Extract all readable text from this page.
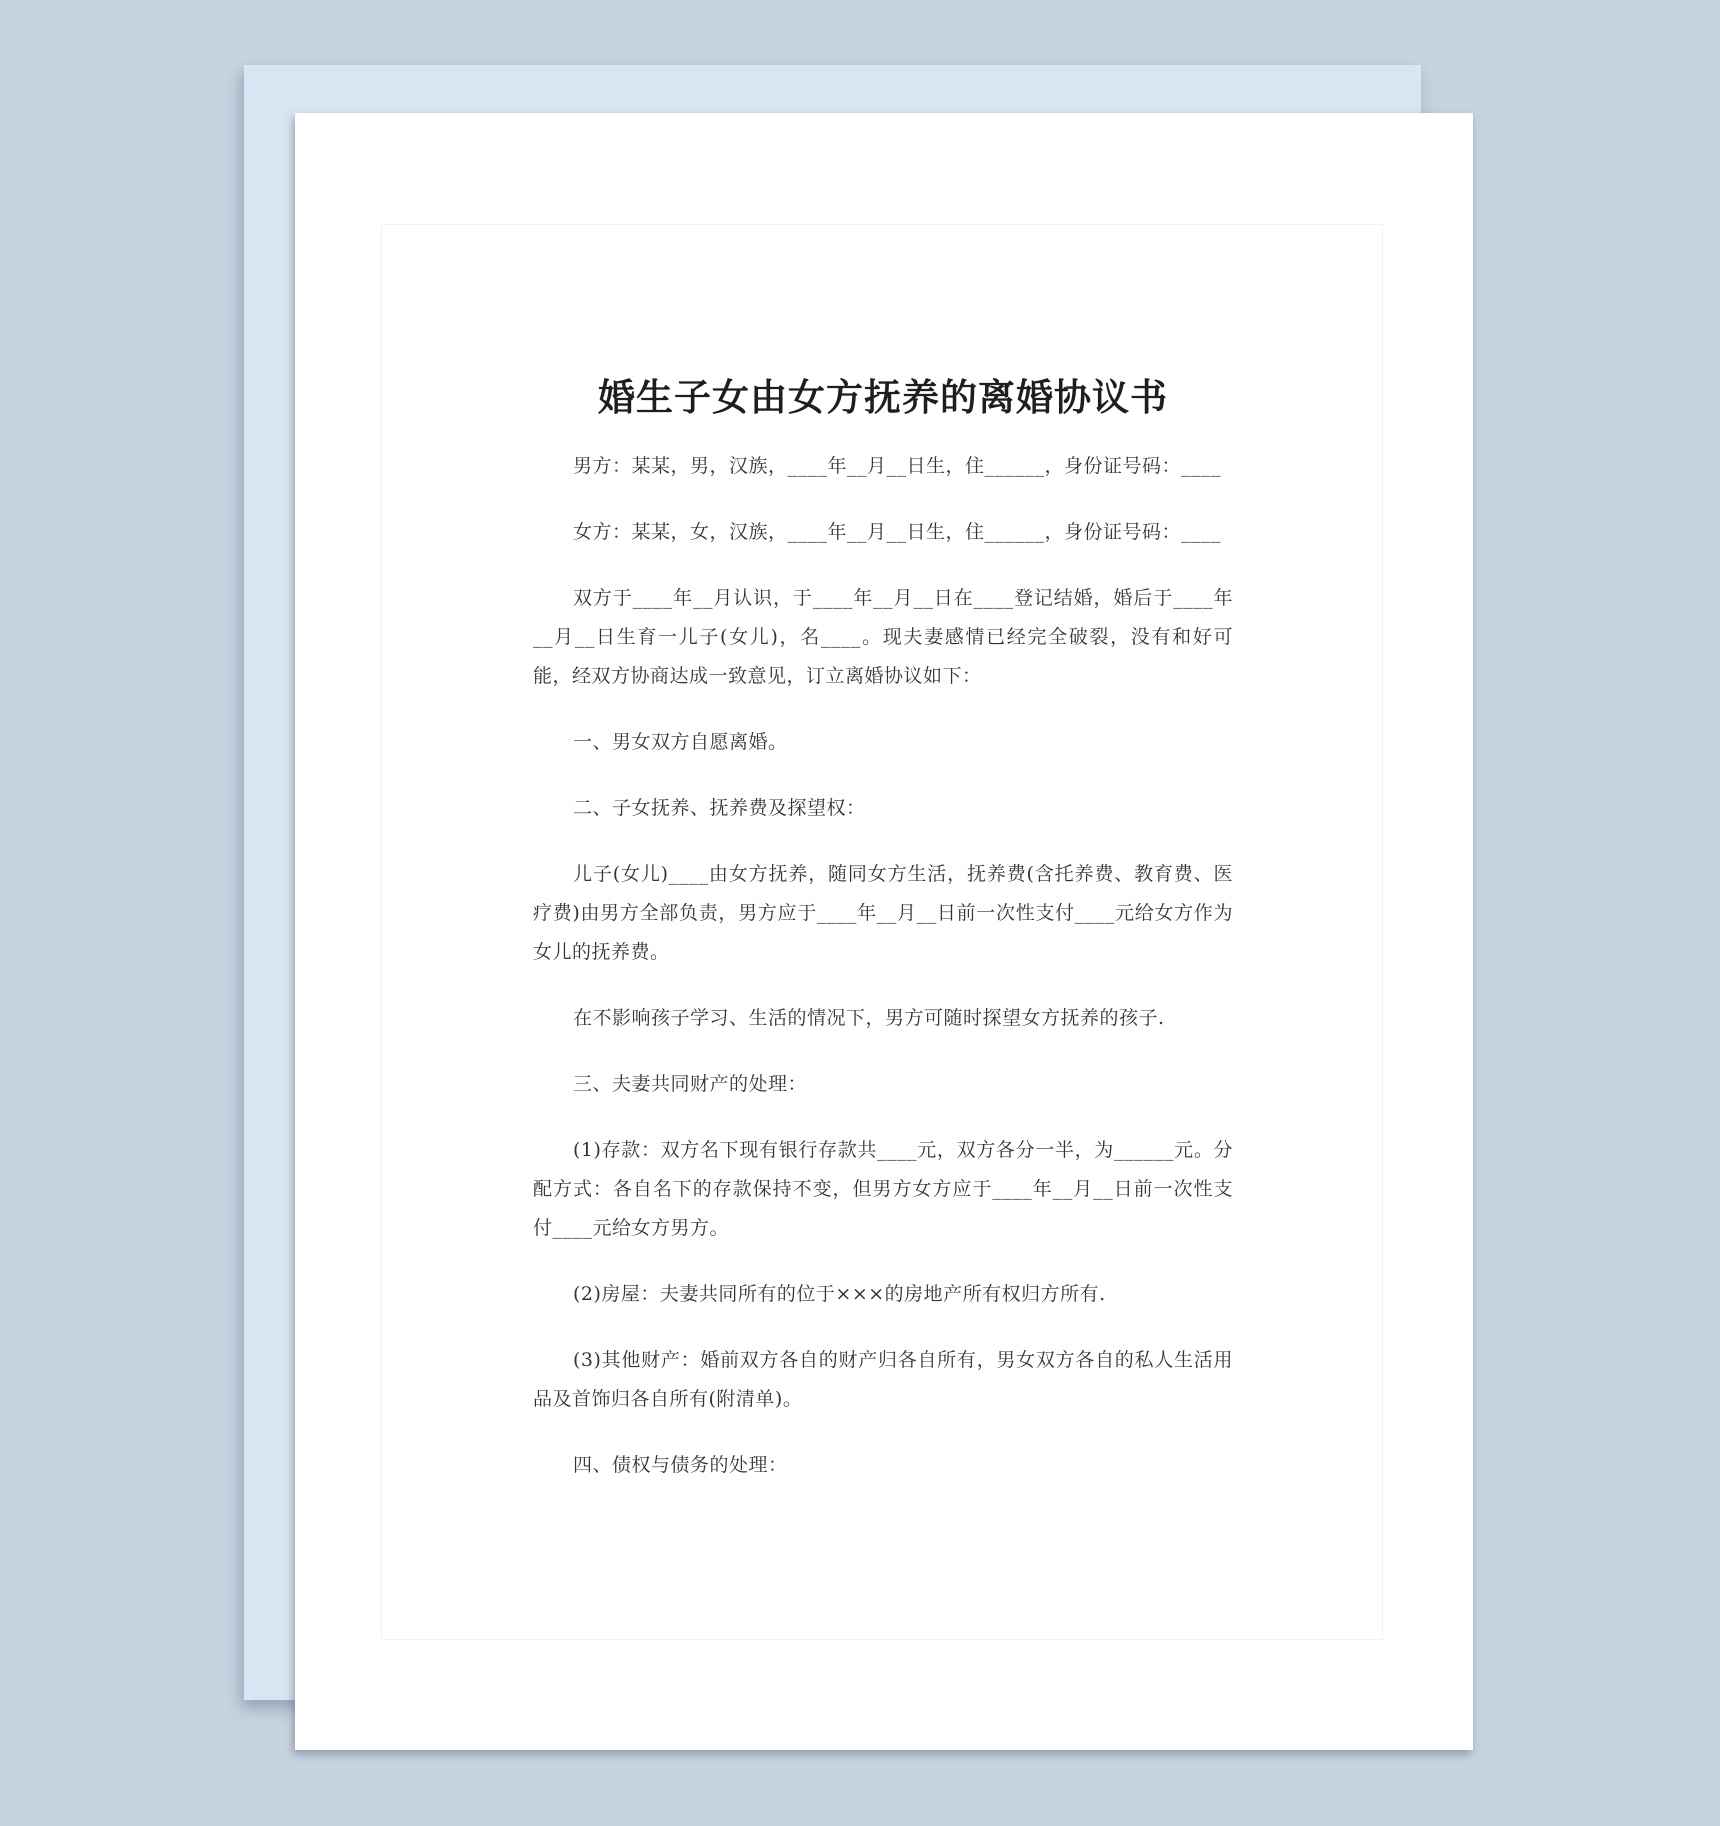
婚生子女由女方抚养的离婚协议书

男方：某某，男，汉族，____年__月__日生，住______，身份证号码：____

女方：某某，女，汉族，____年__月__日生，住______，身份证号码：____

双方于____年__月认识，于____年__月__日在____登记结婚，婚后于____年__月__日生育一儿子(女儿)，名____。现夫妻感情已经完全破裂，没有和好可能，经双方协商达成一致意见，订立离婚协议如下：

一、男女双方自愿离婚。

二、子女抚养、抚养费及探望权：

儿子(女儿)____由女方抚养，随同女方生活，抚养费(含托养费、教育费、医疗费)由男方全部负责，男方应于____年__月__日前一次性支付____元给女方作为女儿的抚养费。

在不影响孩子学习、生活的情况下，男方可随时探望女方抚养的孩子.

三、夫妻共同财产的处理：

(1)存款：双方名下现有银行存款共____元，双方各分一半，为______元。分配方式：各自名下的存款保持不变，但男方女方应于____年__月__日前一次性支付____元给女方男方。

(2)房屋：夫妻共同所有的位于×××的房地产所有权归方所有.

(3)其他财产：婚前双方各自的财产归各自所有，男女双方各自的私人生活用品及首饰归各自所有(附清单)。

四、债权与债务的处理：
